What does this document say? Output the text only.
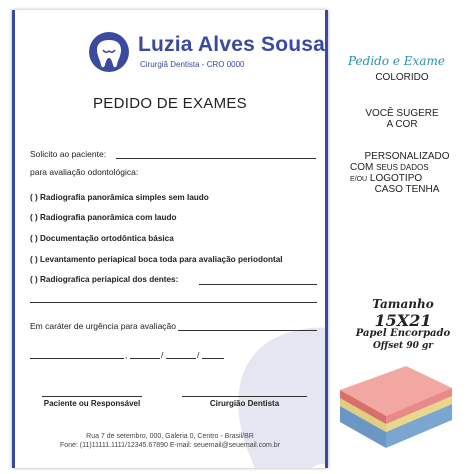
Luzia Alves Sousa
Cirurgiã Dentista - CRO 0000
PEDIDO DE EXAMES
Solicito ao paciente:
para avaliação odontológica:
( ) Radiografia panorâmica simples sem laudo
( ) Radiografia panorâmica com laudo
( ) Documentação ortodôntica básica
( ) Levantamento periapical boca toda para avaliação periodontal
( ) Radiografica periapical dos dentes:
Em caráter de urgência para avaliação
,	/	/
Paciente ou Responsável	Cirurgião Dentista
Rua 7 de setembro, 000, Galeria 0, Centro - Brasil/BR
Fone: (11)11111.1111/12345.67890 E-mail: seuemail@seuemail.com.br
Pedido e Exame
COLORIDO
VOCÊ SUGERE
A COR
PERSONALIZADO
COM SEUS DADOS
E/OU LOGOTIPO
CASO TENHA
Tamanho
15X21
Papel Encorpado
Offset 90 gr
